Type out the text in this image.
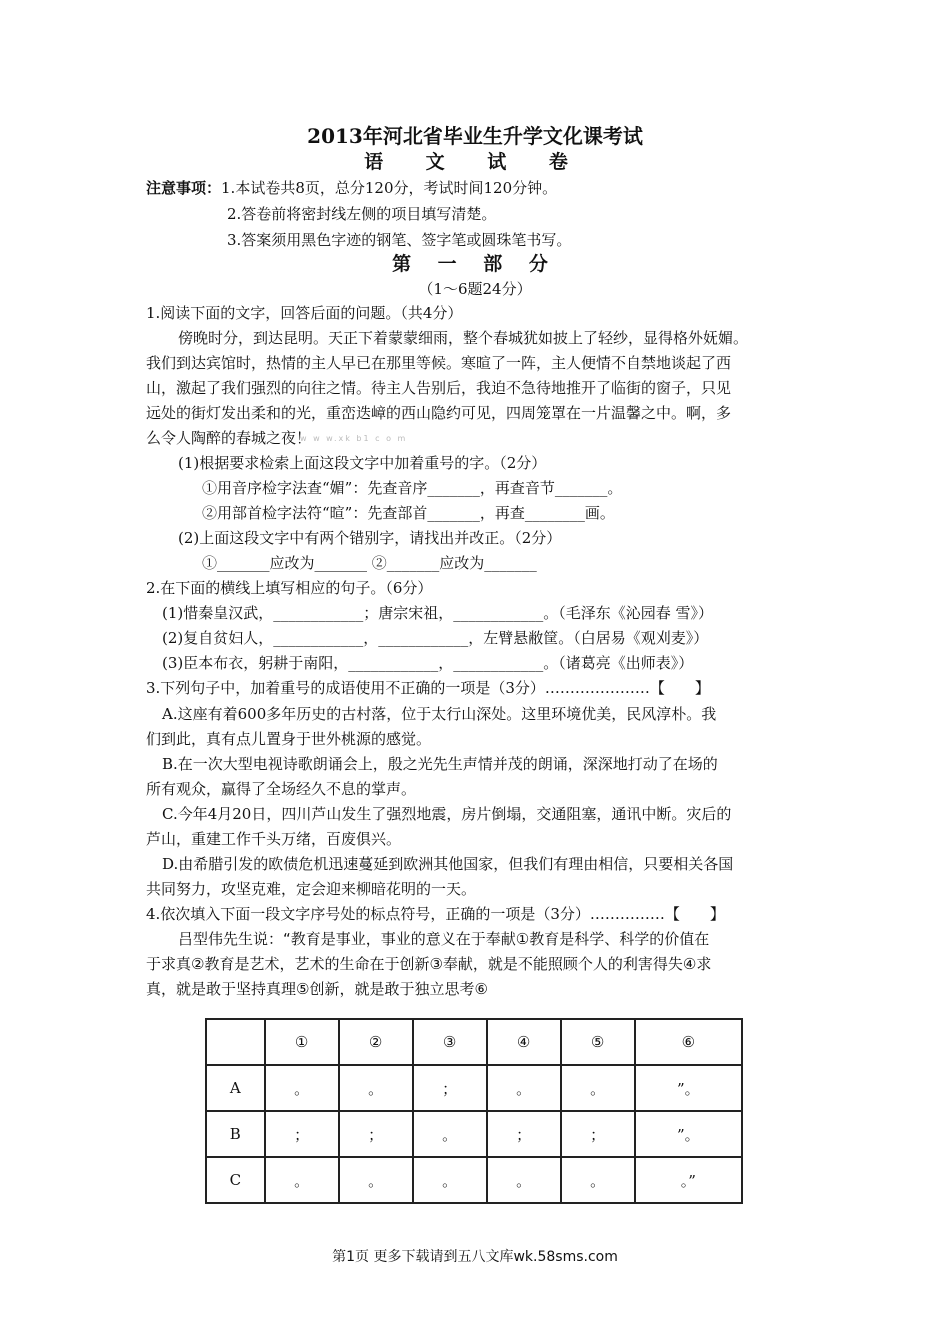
2013年河北省毕业生升学文化课考试
语 文 试 卷
注意事项：1.本试卷共8页，总分120分，考试时间120分钟。
2.答卷前将密封线左侧的项目填写清楚。
3.答案须用黑色字迹的钢笔、签字笔或圆珠笔书写。
第 一 部 分
（1～6题24分）
1.阅读下面的文字，回答后面的问题。（共4分）
傍晚时分，到达昆明。天正下着蒙蒙细雨，整个春城犹如披上了轻纱，显得格外妩媚。
我们到达宾馆时，热情的主人早已在那里等候。寒暄了一阵，主人便情不自禁地谈起了西
山，激起了我们强烈的向往之情。待主人告别后，我迫不急待地推开了临街的窗子，只见
远处的街灯发出柔和的光，重峦迭嶂的西山隐约可见，四周笼罩在一片温馨之中。啊，多
么令人陶醉的春城之夜！
w w w.xk b1 c o m
(1)根据要求检索上面这段文字中加着重号的字。（2分）
①用音序检字法查“媚”：先查音序_______，再查音节_______。
②用部首检字法符“暄”：先查部首_______，再查________画。
(2)上面这段文字中有两个错别字，请找出并改正。（2分）
①_______应改为_______ ②_______应改为_______
2.在下面的横线上填写相应的句子。（6分）
(1)惜秦皇汉武，____________；唐宗宋祖，____________。（毛泽东《沁园春 雪》）
(2)复自贫妇人，____________，____________，左臂悬敝筐。（白居易《观刈麦》）
(3)臣本布衣，躬耕于南阳，____________，____________。（诸葛亮《出师表》）
3.下列句子中，加着重号的成语使用不正确的一项是（3分）…………………【　　】
A.这座有着600多年历史的古村落，位于太行山深处。这里环境优美，民风淳朴。我
们到此，真有点儿置身于世外桃源的感觉。
B.在一次大型电视诗歌朗诵会上，殷之光先生声情并茂的朗诵，深深地打动了在场的
所有观众，赢得了全场经久不息的掌声。
C.今年4月20日，四川芦山发生了强烈地震，房片倒塌，交通阻塞，通讯中断。灾后的
芦山，重建工作千头万绪，百废俱兴。
D.由希腊引发的欧债危机迅速蔓延到欧洲其他国家，但我们有理由相信，只要相关各国
共同努力，攻坚克难，定会迎来柳暗花明的一天。
4.依次填入下面一段文字序号处的标点符号，正确的一项是（3分）……………【　　】
吕型伟先生说：“教育是事业，事业的意义在于奉献①教育是科学、科学的价值在
于求真②教育是艺术，艺术的生命在于创新③奉献，就是不能照顾个人的利害得失④求
真，就是敢于坚持真理⑤创新，就是敢于独立思考⑥
	①	②	③	④	⑤	⑥
A	。	。	；	。	。	”。
B	；	；	。	；	；	”。
C	。	。	。	。	。	。”
第1页 更多下载请到五八文库wk.58sms.com
